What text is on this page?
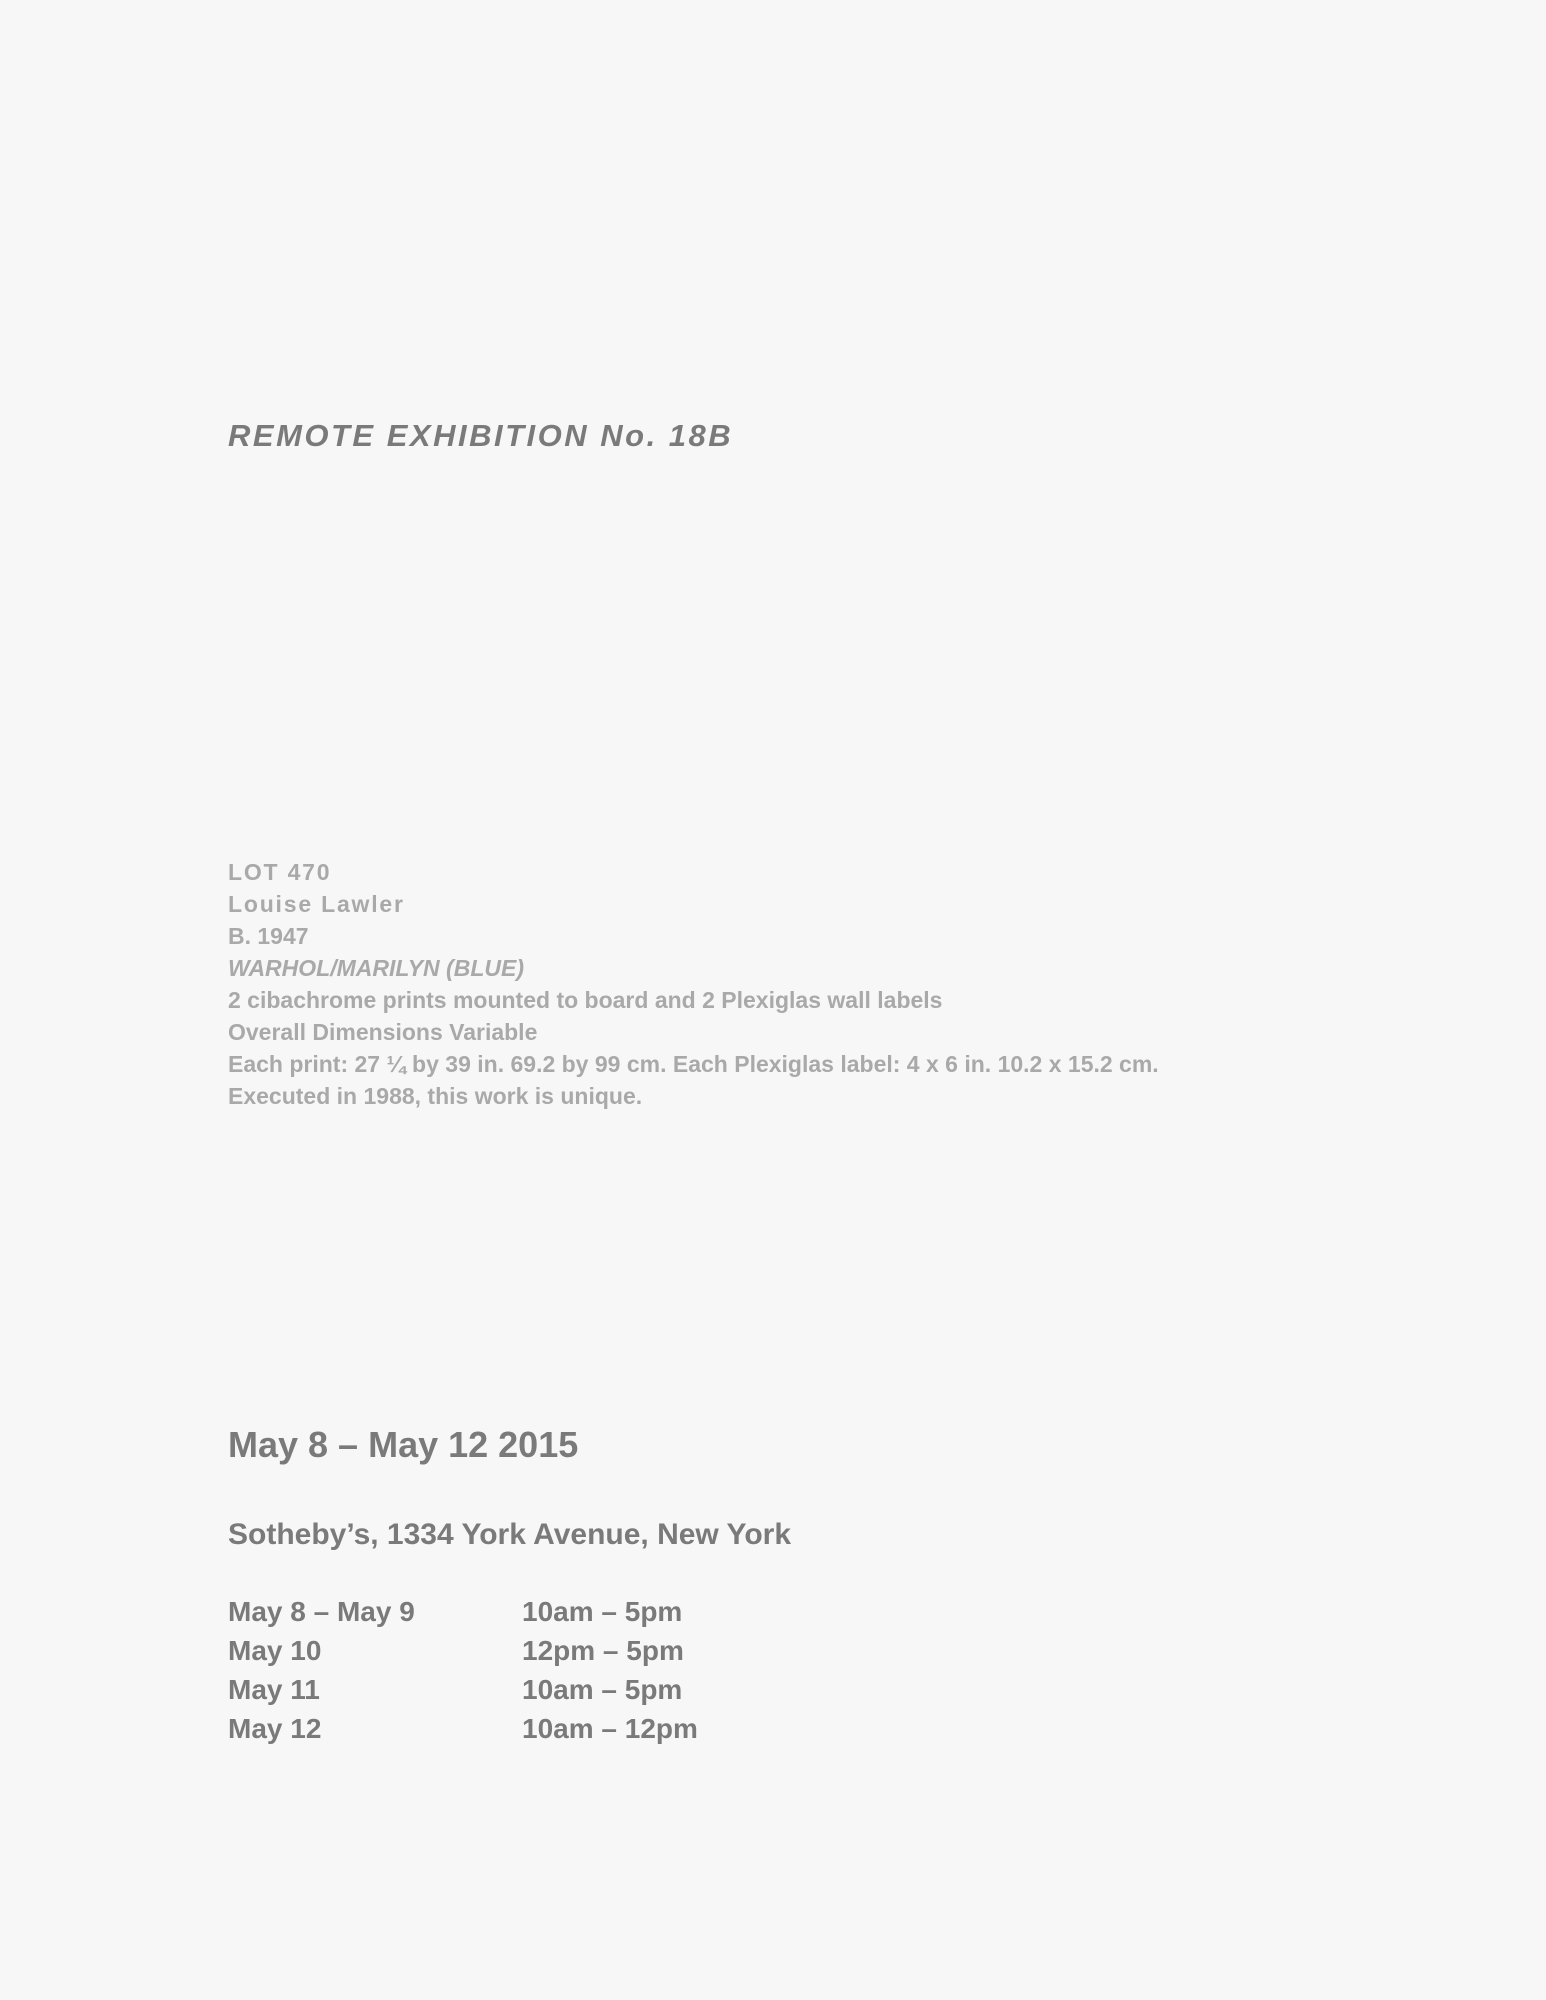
REMOTE EXHIBITION No. 18B
LOT 470
Louise Lawler
B. 1947
WARHOL/MARILYN (BLUE)
2 cibachrome prints mounted to board and 2 Plexiglas wall labels
Overall Dimensions Variable
Each print: 27 ¼ by 39 in. 69.2 by 99 cm. Each Plexiglas label: 4 x 6 in. 10.2 x 15.2 cm.
Executed in 1988, this work is unique.
May 8 – May 12 2015
Sotheby’s, 1334 York Avenue, New York
May 8 – May 9	10am – 5pm
May 10	12pm – 5pm
May 11	10am – 5pm
May 12	10am – 12pm
